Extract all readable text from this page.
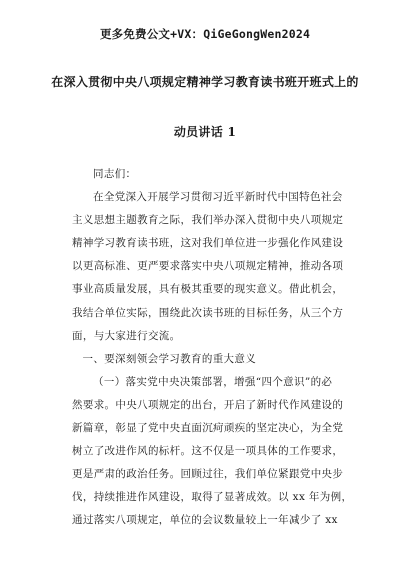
更多免费公文+VX：QiGeGongWen2024
在深入贯彻中央八项规定精神学习教育读书班开班式上的
动员讲话 1
同志们：
在全党深入开展学习贯彻习近平新时代中国特色社会
主义思想主题教育之际，我们举办深入贯彻中央八项规定
精神学习教育读书班，这对我们单位进一步强化作风建设
以更高标准、更严要求落实中央八项规定精神，推动各项
事业高质量发展，具有极其重要的现实意义。借此机会，
我结合单位实际，围绕此次读书班的目标任务，从三个方
面，与大家进行交流。
一、要深刻领会学习教育的重大意义
（一）落实党中央决策部署，增强“四个意识”的必
然要求。中央八项规定的出台，开启了新时代作风建设的
新篇章，彰显了党中央直面沉疴顽疾的坚定决心，为全党
树立了改进作风的标杆。这不仅是一项具体的工作要求，
更是严肃的政治任务。回顾过往，我们单位紧跟党中央步
伐，持续推进作风建设，取得了显著成效。以 xx 年为例，
通过落实八项规定，单位的会议数量较上一年减少了 xx
